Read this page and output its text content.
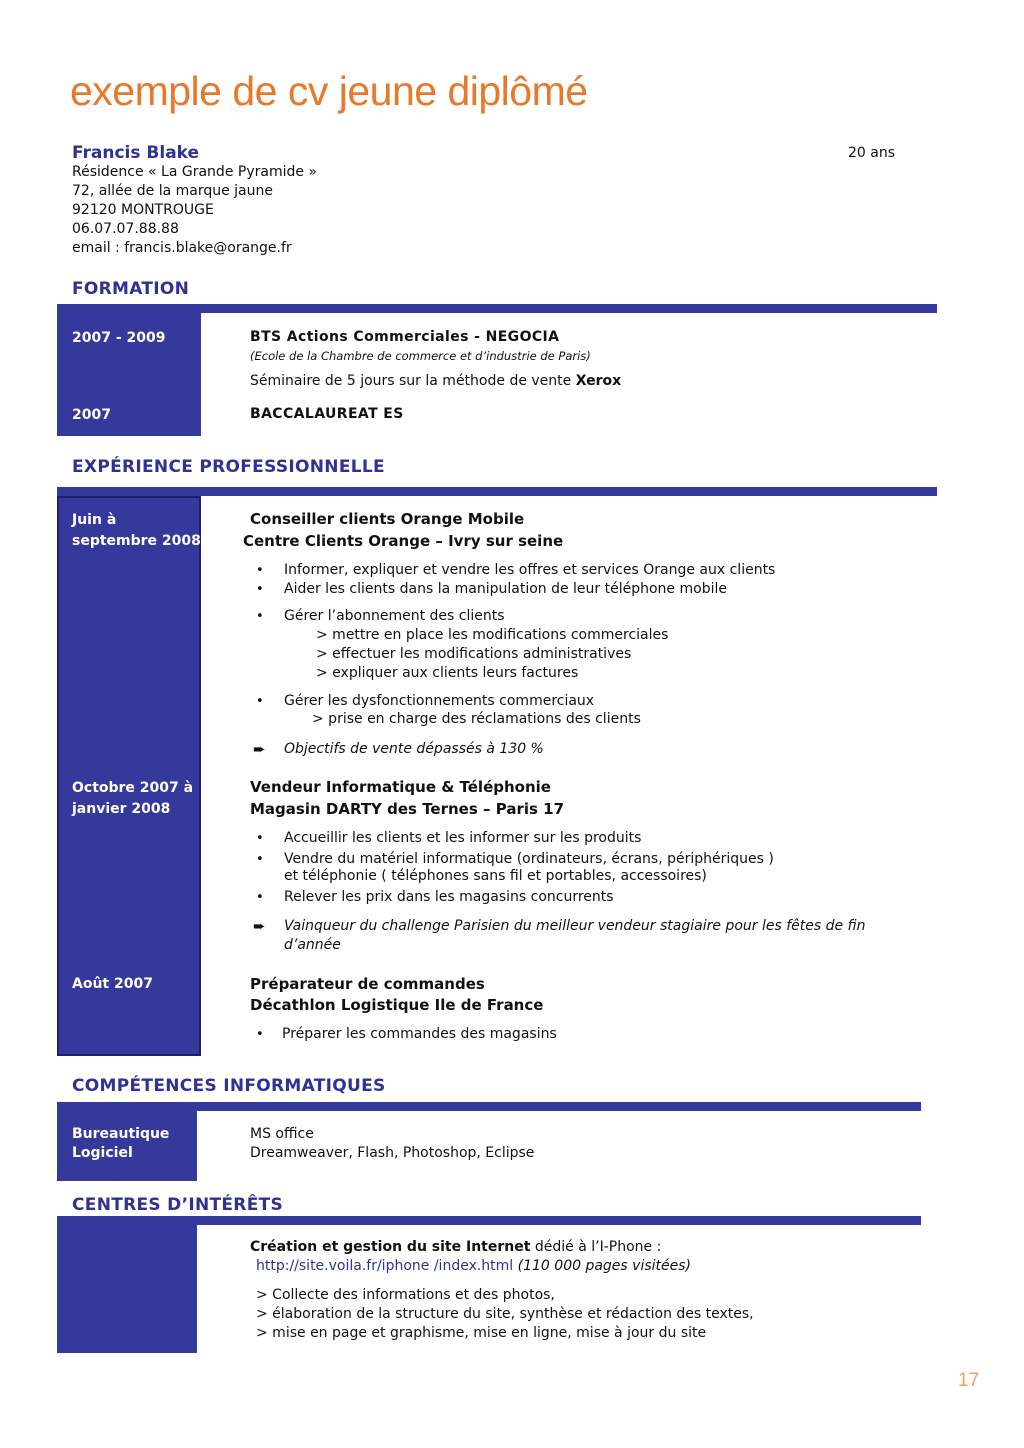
exemple de cv jeune diplômé
Francis Blake	20 ans
Résidence « La Grande Pyramide »
72, allée de la marque jaune
92120 MONTROUGE
06.07.07.88.88
email : francis.blake@orange.fr
FORMATION
2007 - 2009
2007
BTS Actions Commerciales - NEGOCIA
(Ecole de la Chambre de commerce et d’industrie de Paris)
Séminaire de 5 jours sur la méthode de vente Xerox
BACCALAUREAT ES
EXPÉRIENCE PROFESSIONNELLE
Juin à
septembre 2008
Conseiller clients Orange Mobile
Centre Clients Orange – Ivry sur seine
• Informer, expliquer et vendre les offres et services Orange aux clients
• Aider les clients dans la manipulation de leur téléphone mobile
• Gérer l’abonnement des clients
> mettre en place les modifications commerciales
> effectuer les modifications administratives
> expliquer aux clients leurs factures
• Gérer les dysfonctionnements commerciaux
> prise en charge des réclamations des clients
➨ Objectifs de vente dépassés à 130 %
Octobre 2007 à
janvier 2008
Vendeur Informatique & Téléphonie
Magasin DARTY des Ternes – Paris 17
• Accueillir les clients et les informer sur les produits
• Vendre du matériel informatique (ordinateurs, écrans, périphériques )
et téléphonie ( téléphones sans fil et portables, accessoires)
• Relever les prix dans les magasins concurrents
➨ Vainqueur du challenge Parisien du meilleur vendeur stagiaire pour les fêtes de fin
d’année
Août 2007	Préparateur de commandes
Décathlon Logistique Ile de France
• Préparer les commandes des magasins
COMPÉTENCES INFORMATIQUES
Bureautique
Logiciel
MS office
Dreamweaver, Flash, Photoshop, Eclipse
CENTRES D’INTÉRÊTS
Création et gestion du site Internet dédié à l’I-Phone :
http://site.voila.fr/iphone /index.html (110 000 pages visitées)
> Collecte des informations et des photos,
> élaboration de la structure du site, synthèse et rédaction des textes,
> mise en page et graphisme, mise en ligne, mise à jour du site
17
